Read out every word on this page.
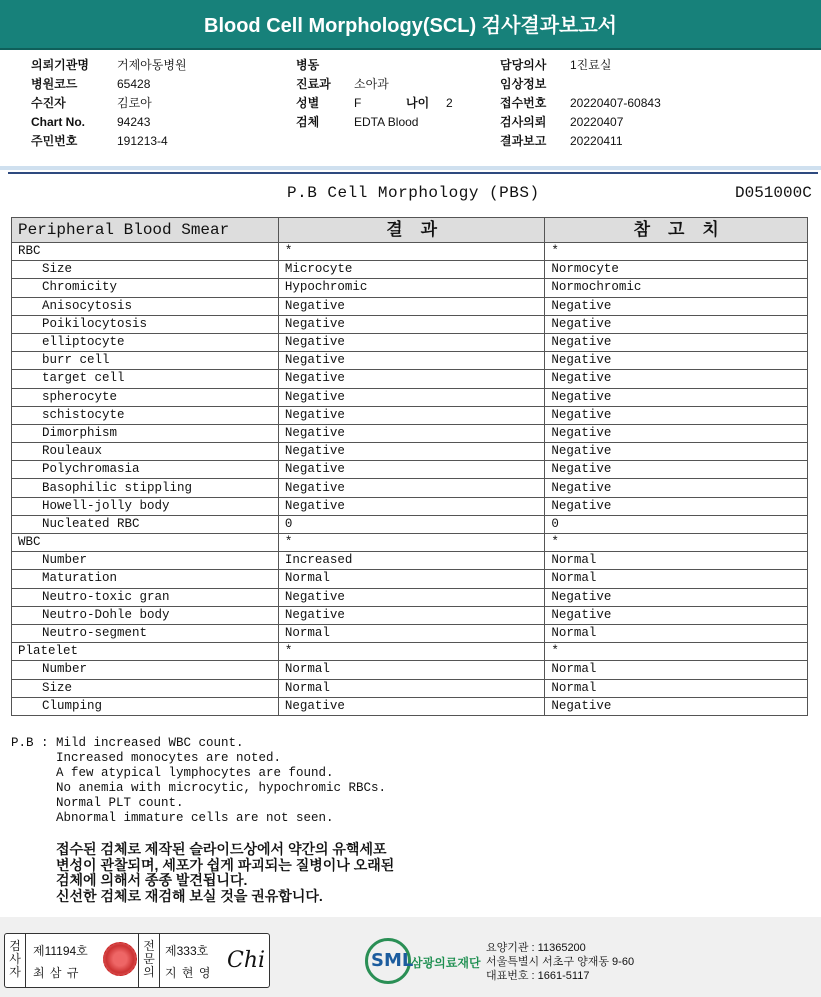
Blood Cell Morphology(SCL) 검사결과보고서
의뢰기관명	거제아동병원
병원코드	65428
수진자	김로아
Chart No.	94243
주민번호	191213-4
병동
진료과	소아과
성별	F	나이	2
검체	EDTA Blood
담당의사	1진료실
임상정보
접수번호	20220407-60843
검사의뢰	20220407
결과보고	20220411
P.B Cell Morphology (PBS)	D051000C
Peripheral Blood Smear	결 과	참 고 치
RBC	*	*
Size	Microcyte	Normocyte
Chromicity	Hypochromic	Normochromic
Anisocytosis	Negative	Negative
Poikilocytosis	Negative	Negative
elliptocyte	Negative	Negative
burr cell	Negative	Negative
target cell	Negative	Negative
spherocyte	Negative	Negative
schistocyte	Negative	Negative
Dimorphism	Negative	Negative
Rouleaux	Negative	Negative
Polychromasia	Negative	Negative
Basophilic stippling	Negative	Negative
Howell-jolly body	Negative	Negative
Nucleated RBC	0	0
WBC	*	*
Number	Increased	Normal
Maturation	Normal	Normal
Neutro-toxic gran	Negative	Negative
Neutro-Dohle body	Negative	Negative
Neutro-segment	Normal	Normal
Platelet	*	*
Number	Normal	Normal
Size	Normal	Normal
Clumping	Negative	Negative
P.B : Mild increased WBC count.
Increased monocytes are noted.
A few atypical lymphocytes are found.
No anemia with microcytic, hypochromic RBCs.
Normal PLT count.
Abnormal immature cells are not seen.
접수된 검체로 제작된 슬라이드상에서 약간의 유핵세포
변성이 관찰되며, 세포가 쉽게 파괴되는 질병이나 오래된
검체에 의해서 종종 발견됩니다.
신선한 검체로 재검해 보실 것을 권유합니다.
검사자
제11194호
최 삼 규
전문의
제333호
지 현 영 Chi	SML
삼광의료재단
요양기관 : 11365200
서울특별시 서초구 양재동 9-60
대표번호 : 1661-5117
